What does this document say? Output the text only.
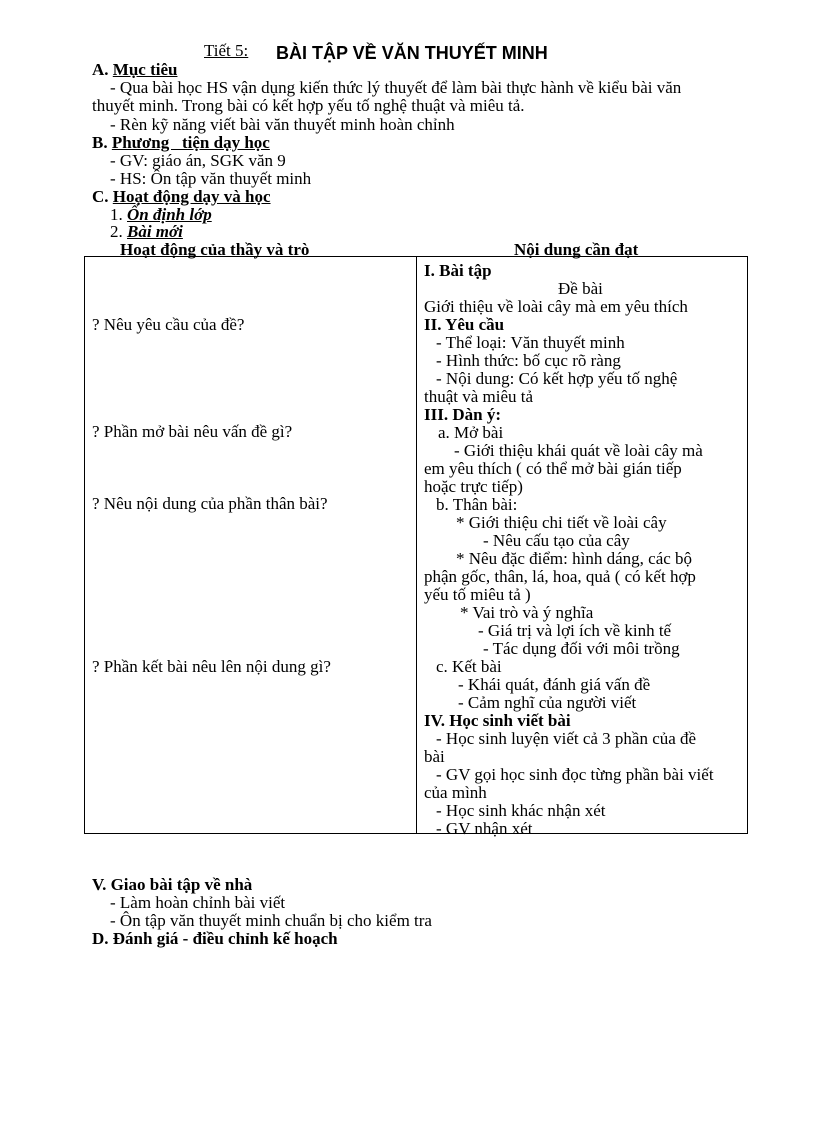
Tiết 5: BÀI TẬP VỀ VĂN THUYẾT MINH
A. Mục tiêu
- Qua bài học HS vận dụng kiến thức lý thuyết để làm bài thực hành về kiểu bài văn
thuyết minh. Trong bài có kết hợp yếu tố nghệ thuật và miêu tả.
- Rèn kỹ năng viết bài văn thuyết minh hoàn chỉnh
B. Phương   tiện dạy học
- GV: giáo án, SGK văn 9
- HS: Ôn tập văn thuyết minh
C. Hoạt động dạy và học
1. Ổn định lớp
2. Bài mới
Hoạt động của thầy và trò	Nội dung cần đạt
? Nêu yêu cầu của đề?
? Phần mở bài nêu vấn đề gì?
? Nêu nội dung của phần thân bài?
? Phần kết bài nêu lên nội dung gì?
I. Bài tập
Đề bài
Giới thiệu về loài cây mà em yêu thích
II. Yêu cầu
- Thể loại: Văn thuyết minh
- Hình thức: bố cục rõ ràng
- Nội dung: Có kết hợp yếu tố nghệ
thuật và miêu tả
III. Dàn ý:
a. Mở bài
- Giới thiệu khái quát về loài cây mà
em yêu thích ( có thể mở bài gián tiếp
hoặc trực tiếp)
b. Thân bài:
* Giới thiệu chi tiết về loài cây
- Nêu cấu tạo của cây
* Nêu đặc điểm: hình dáng, các bộ
phận gốc, thân, lá, hoa, quả ( có kết hợp
yếu tố miêu tả )
* Vai trò và ý nghĩa
- Giá trị và lợi ích về kinh tế
- Tác dụng đối với môi trồng
c. Kết bài
- Khái quát, đánh giá vấn đề
- Cảm nghĩ của người viết
IV. Học sinh viết bài
- Học sinh luyện viết cả 3 phần của đề
bài
- GV gọi học sinh đọc từng phần bài viết
của mình
- Học sinh khác nhận xét
- GV nhận xét
V. Giao bài tập về nhà
- Làm hoàn chỉnh bài viết
- Ôn tập văn thuyết minh chuẩn bị cho kiểm tra
D. Đánh giá - điều chỉnh kế hoạch
